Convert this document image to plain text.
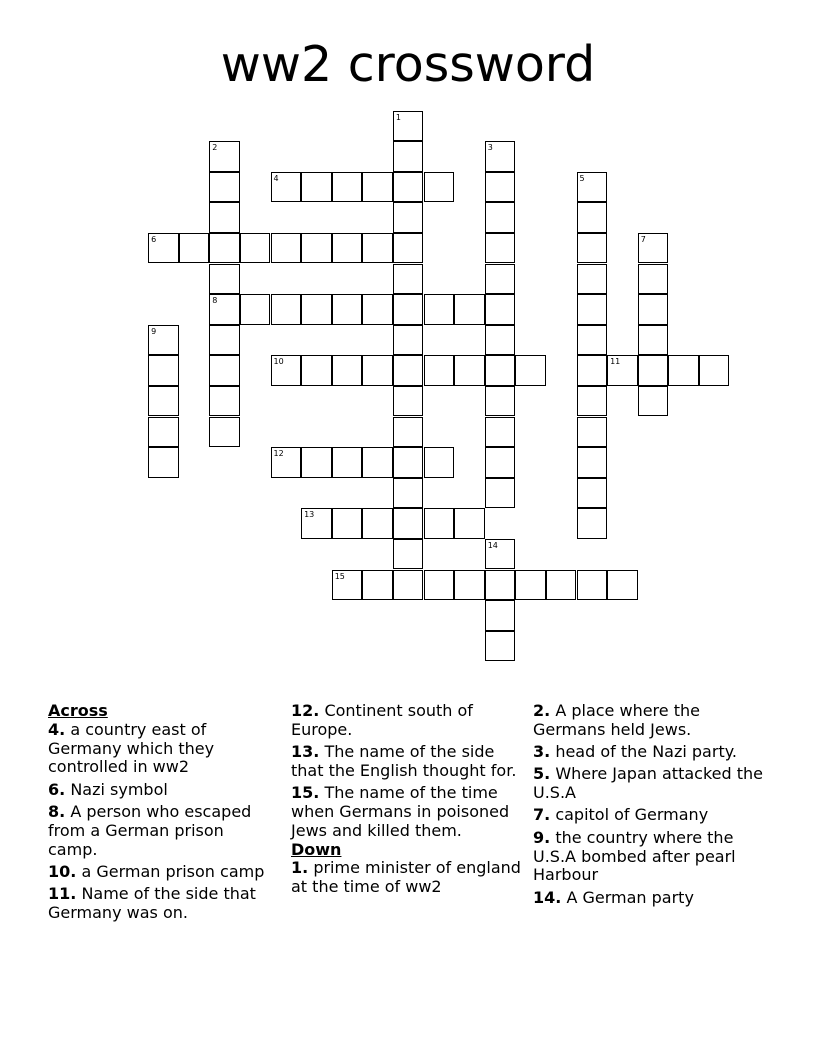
ww2 crossword
4
6
8
10	11
12
13
15
1
2	3
5
7
9
14
Across
4. a country east of Germany which they controlled in ww2
6. Nazi symbol
8. A person who escaped from a German prison camp.
10. a German prison camp
11. Name of the side that Germany was on.
12. Continent south of Europe.
13. The name of the side that the English thought for.
15. The name of the time when Germans in poisoned Jews and killed them.
Down
1. prime minister of england at the time of ww2
2. A place where the Germans held Jews.
3. head of the Nazi party.
5. Where Japan attacked the U.S.A
7. capitol of Germany
9. the country where the U.S.A bombed after pearl Harbour
14. A German party
